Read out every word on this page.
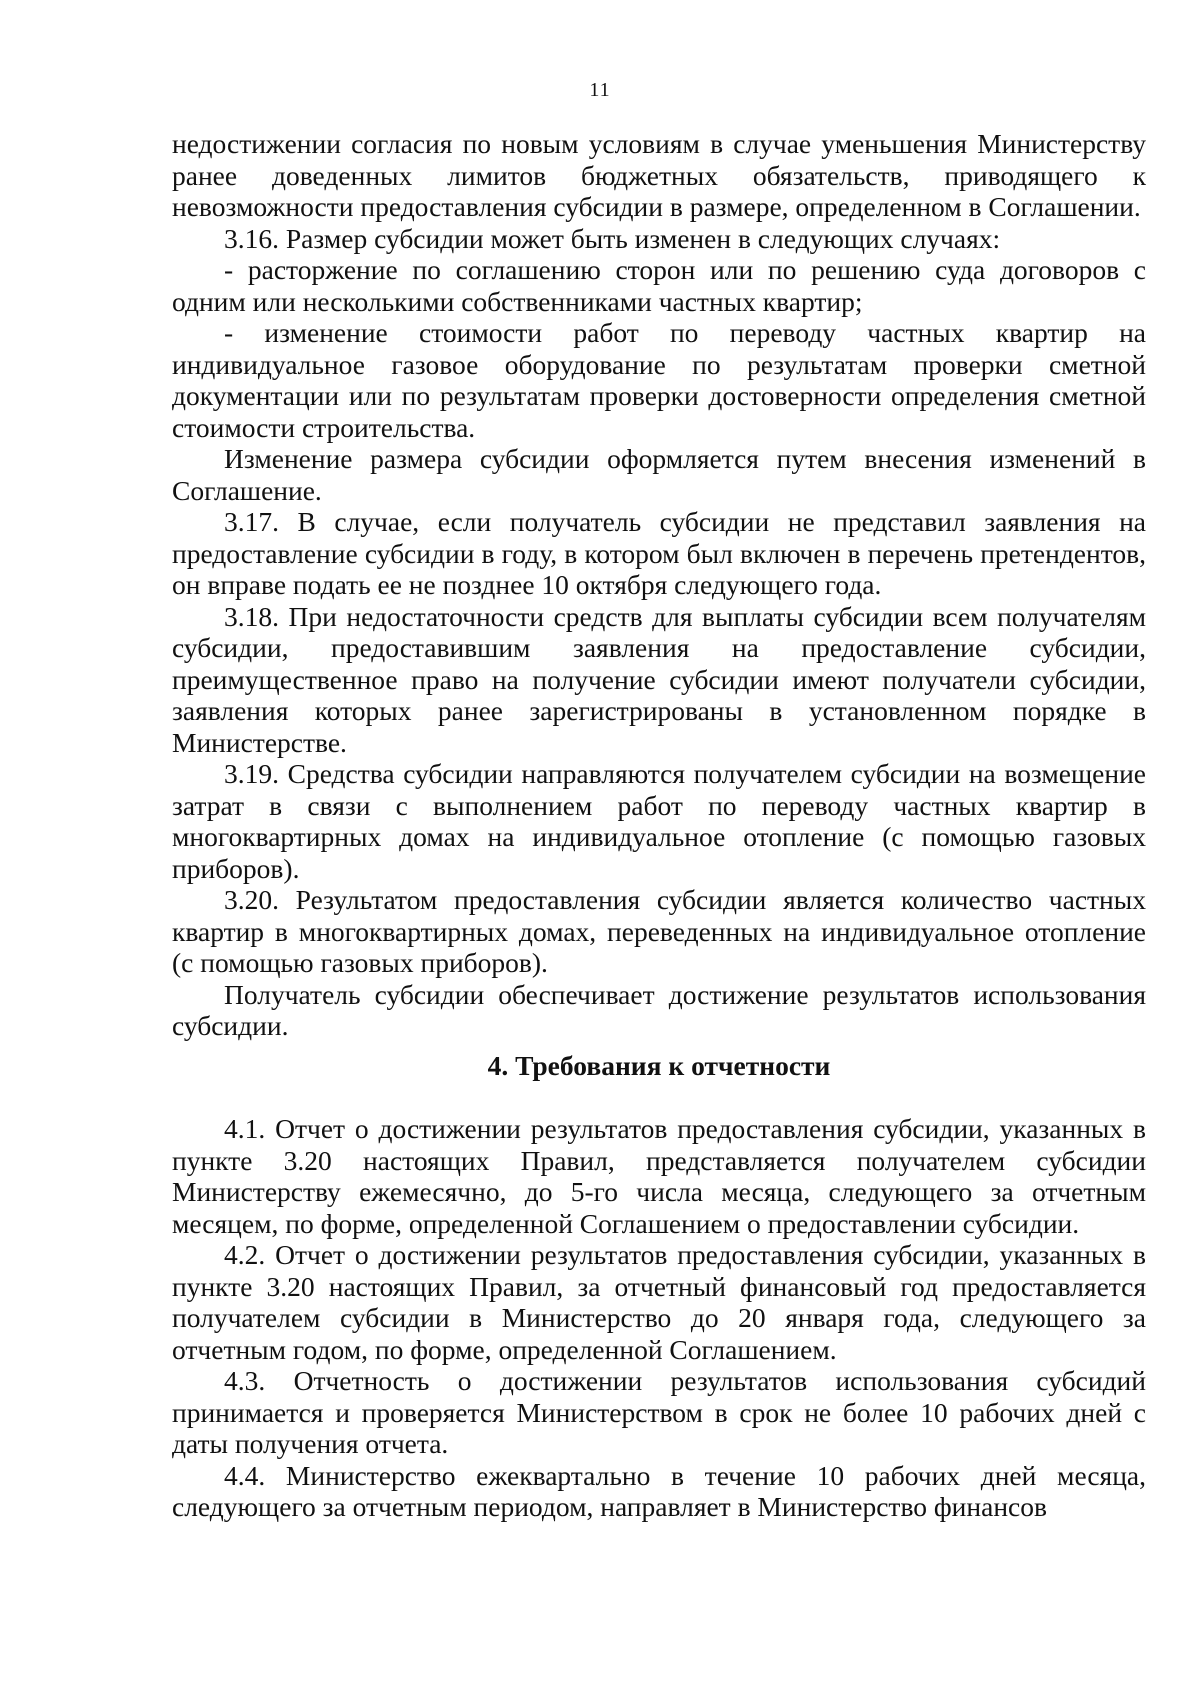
11

недостижении согласия по новым условиям в случае уменьшения Министерству ранее доведенных лимитов бюджетных обязательств, приводящего к невозможности предоставления субсидии в размере, определенном в Соглашении.

3.16. Размер субсидии может быть изменен в следующих случаях:

- расторжение по соглашению сторон или по решению суда договоров с одним или несколькими собственниками частных квартир;

- изменение стоимости работ по переводу частных квартир на индивидуальное газовое оборудование по результатам проверки сметной документации или по результатам проверки достоверности определения сметной стоимости строительства.

Изменение размера субсидии оформляется путем внесения изменений в Соглашение.

3.17. В случае, если получатель субсидии не представил заявления на предоставление субсидии в году, в котором был включен в перечень претендентов, он вправе подать ее не позднее 10 октября следующего года.

3.18. При недостаточности средств для выплаты субсидии всем получателям субсидии, предоставившим заявления на предоставление субсидии, преимущественное право на получение субсидии имеют получатели субсидии, заявления которых ранее зарегистрированы в установленном порядке в Министерстве.

3.19. Средства субсидии направляются получателем субсидии на возмещение затрат в связи с выполнением работ по переводу частных квартир в многоквартирных домах на индивидуальное отопление (с помощью газовых приборов).

3.20. Результатом предоставления субсидии является количество частных квартир в многоквартирных домах, переведенных на индивидуальное отопление (с помощью газовых приборов).

Получатель субсидии обеспечивает достижение результатов использования субсидии.

4. Требования к отчетности

4.1. Отчет о достижении результатов предоставления субсидии, указанных в пункте 3.20 настоящих Правил, представляется получателем субсидии Министерству ежемесячно, до 5-го числа месяца, следующего за отчетным месяцем, по форме, определенной Соглашением о предоставлении субсидии.

4.2. Отчет о достижении результатов предоставления субсидии, указанных в пункте 3.20 настоящих Правил, за отчетный финансовый год предоставляется получателем субсидии в Министерство до 20 января года, следующего за отчетным годом, по форме, определенной Соглашением.

4.3. Отчетность о достижении результатов использования субсидий принимается и проверяется Министерством в срок не более 10 рабочих дней с даты получения отчета.

4.4. Министерство ежеквартально в течение 10 рабочих дней месяца, следующего за отчетным периодом, направляет в Министерство финансов
